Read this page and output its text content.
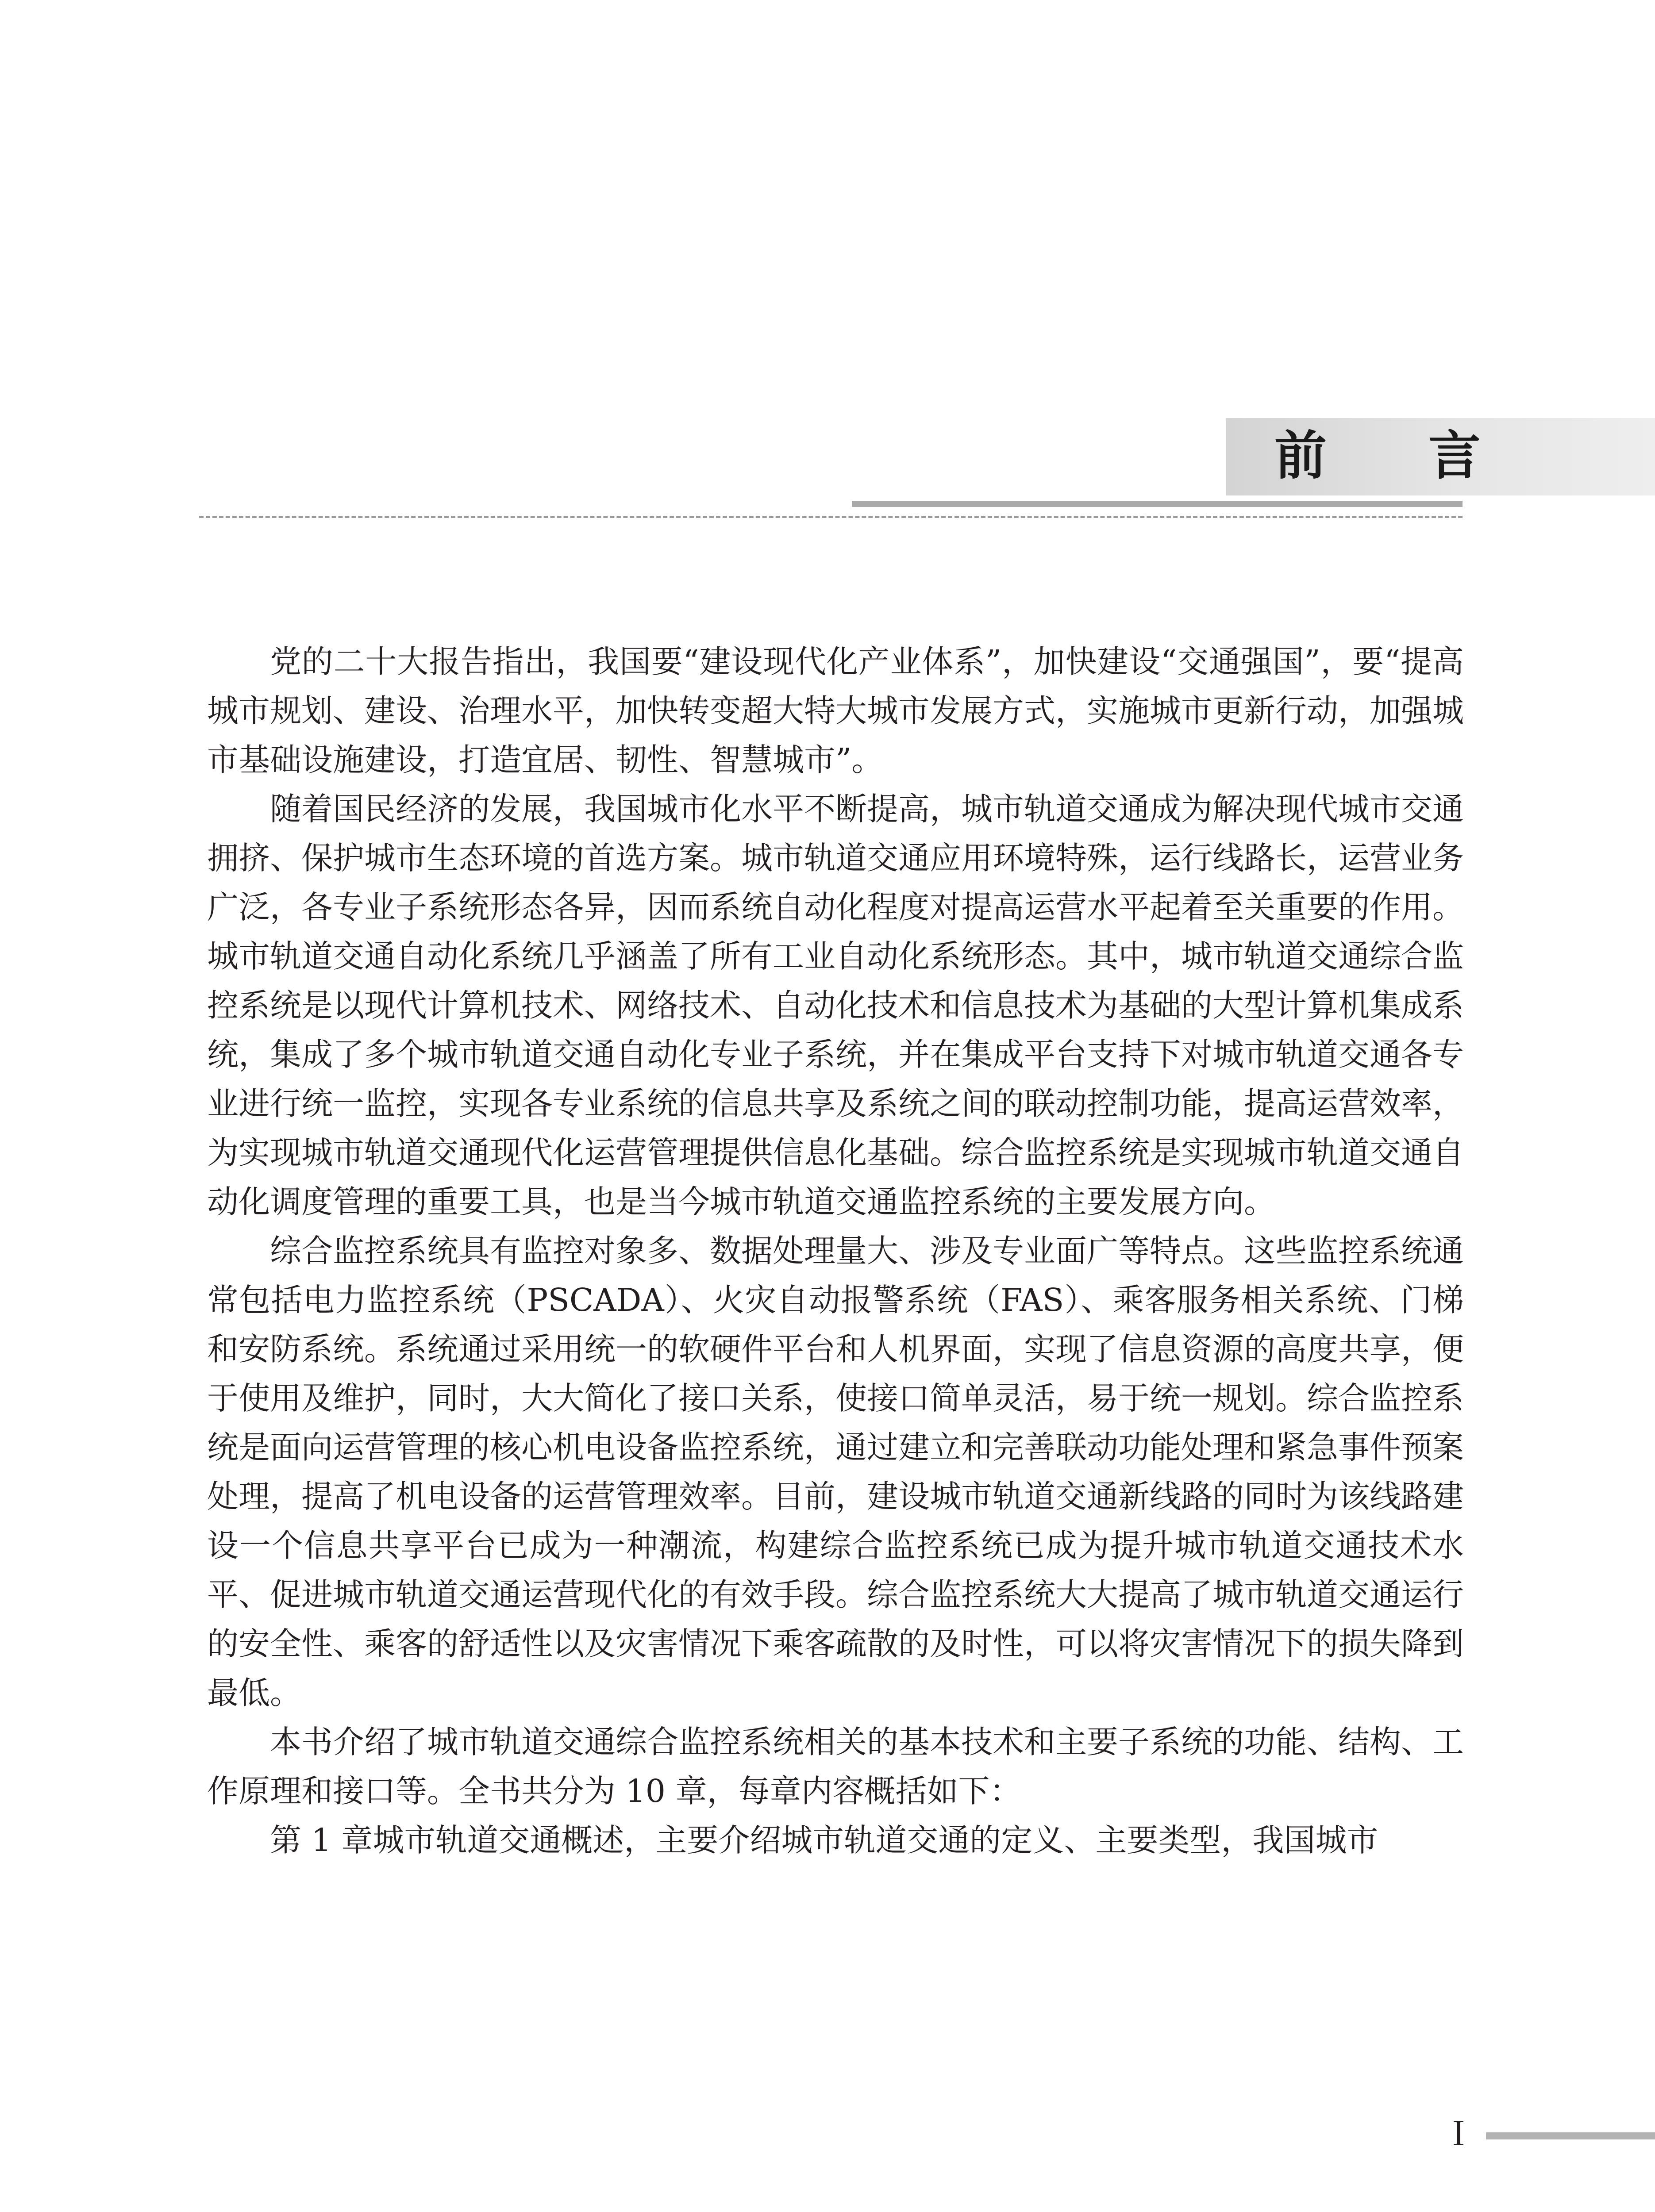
前言

党的二十大报告指出，我国要“建设现代化产业体系”，加快建设“交通强国”，要“提高城市规划、建设、治理水平，加快转变超大特大城市发展方式，实施城市更新行动，加强城市基础设施建设，打造宜居、韧性、智慧城市”。

随着国民经济的发展，我国城市化水平不断提高，城市轨道交通成为解决现代城市交通拥挤、保护城市生态环境的首选方案。城市轨道交通应用环境特殊，运行线路长，运营业务广泛，各专业子系统形态各异，因而系统自动化程度对提高运营水平起着至关重要的作用。城市轨道交通自动化系统几乎涵盖了所有工业自动化系统形态。其中，城市轨道交通综合监控系统是以现代计算机技术、网络技术、自动化技术和信息技术为基础的大型计算机集成系统，集成了多个城市轨道交通自动化专业子系统，并在集成平台支持下对城市轨道交通各专业进行统一监控，实现各专业系统的信息共享及系统之间的联动控制功能，提高运营效率，为实现城市轨道交通现代化运营管理提供信息化基础。综合监控系统是实现城市轨道交通自动化调度管理的重要工具，也是当今城市轨道交通监控系统的主要发展方向。

综合监控系统具有监控对象多、数据处理量大、涉及专业面广等特点。这些监控系统通常包括电力监控系统（PSCADA）、火灾自动报警系统（FAS）、乘客服务相关系统、门梯和安防系统。系统通过采用统一的软硬件平台和人机界面，实现了信息资源的高度共享，便于使用及维护，同时，大大简化了接口关系，使接口简单灵活，易于统一规划。综合监控系统是面向运营管理的核心机电设备监控系统，通过建立和完善联动功能处理和紧急事件预案处理，提高了机电设备的运营管理效率。目前，建设城市轨道交通新线路的同时为该线路建设一个信息共享平台已成为一种潮流，构建综合监控系统已成为提升城市轨道交通技术水平、促进城市轨道交通运营现代化的有效手段。综合监控系统大大提高了城市轨道交通运行的安全性、乘客的舒适性以及灾害情况下乘客疏散的及时性，可以将灾害情况下的损失降到最低。

本书介绍了城市轨道交通综合监控系统相关的基本技术和主要子系统的功能、结构、工作原理和接口等。全书共分为 10 章，每章内容概括如下：

第 1 章城市轨道交通概述，主要介绍城市轨道交通的定义、主要类型，我国城市

I
